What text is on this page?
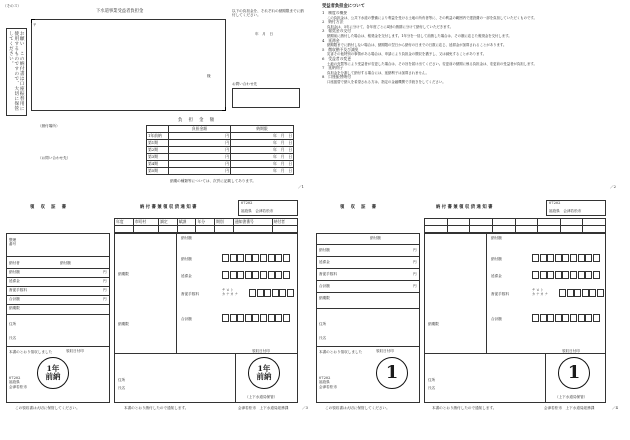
（その３）
下水道事業受益者負担金	以下の負担金を、それぞれの納期限までに納付してください。
年　月　日
〒
様
お願い　この納付書は口座振替用に使用するものですので、大切に保管してください。
お問い合わせ先
（納付場所）
（お問い合わせ先）
負　担　金　額
	負担金額	納期限
1年前納	円	年　月　日
第1期	円	年　月　日
第2期	円	年　月　日
第3期	円	年　月　日
第4期	円	年　月　日
第5期	円	年　月　日
納期の種類等については、次頁に記載してあります。
／1
受益者負担金について
1　制度の概要
この負担金は、公共下水道の整備により利益を受ける土地の所有者等に、その利益の範囲内で建設費の一部を負担していただくものです。
2　納付方法
負担金は、5年に分けて、各年度ごとに4回の納期に分けて納付していただきます。
3　報奨金の交付
納期前に納付した場合は、報奨金を交付します。1年分を一括して前納した場合は、その額に応じた報奨金を交付します。
4　延滞金
納期限までに納付しない場合は、納期限の翌日から納付の日までの日数に応じ、延滞金が加算されることがあります。
5　徴収猶予及び減免
災害その他特別の事情がある場合は、申請により負担金の徴収を猶予し、又は減免することがあります。
6　受益者の変更
土地の売買等により受益者が変更した場合は、その旨を届け出てください。変更前の納期に係る負担金は、変更前の受益者が負担します。
7　延納利子
負担金を分割して納付する場合には、延納利子は加算されません。
8　口座振替納付
口座振替で納入を希望される方は、指定の金融機関で手続きをしてください。
／2
領　収　証　書	納 付 書 兼 領 収 済 通 知 書
07202
福島県　会津若松市
年度	市町村	調定	賦課	年分	期別	通知書番号	納付者

整理番号
納付者	納付額
納付額	円
延滞金	円
督促手数料	円
合計額	円
納期限
住所
氏名
本書のとおり領収しました
07202
福島県
会津若松市
領収日付印
1年
前納
納期限
納期限
納付額
納付額
延滞金
督促手数料
チ ロ ト
カ ナ カ ナ
合計額
住所
氏名
領収日付印
1年
前納
（上下水道局保管）
この領収書は大切に保管してください。	本書のとおり納付したので通知します。	会津若松市　上下水道局総務課	／3
領　収　証　書	納 付 書 兼 領 収 済 通 知 書
07202
福島県　会津若松市

納付額
納付額	円
延滞金	円
督促手数料	円
合計額	円
納期限
住所
氏名
本書のとおり領収しました
07202
福島県
会津若松市
領収日付印
1
納期限
納付額
納付額
延滞金
督促手数料
チ ロ ト
カ ナ カ ナ
合計額
住所
氏名
領収日付印
1
（上下水道局保管）
この領収書は大切に保管してください。	本書のとおり納付したので通知します。	会津若松市　上下水道局総務課	／4
